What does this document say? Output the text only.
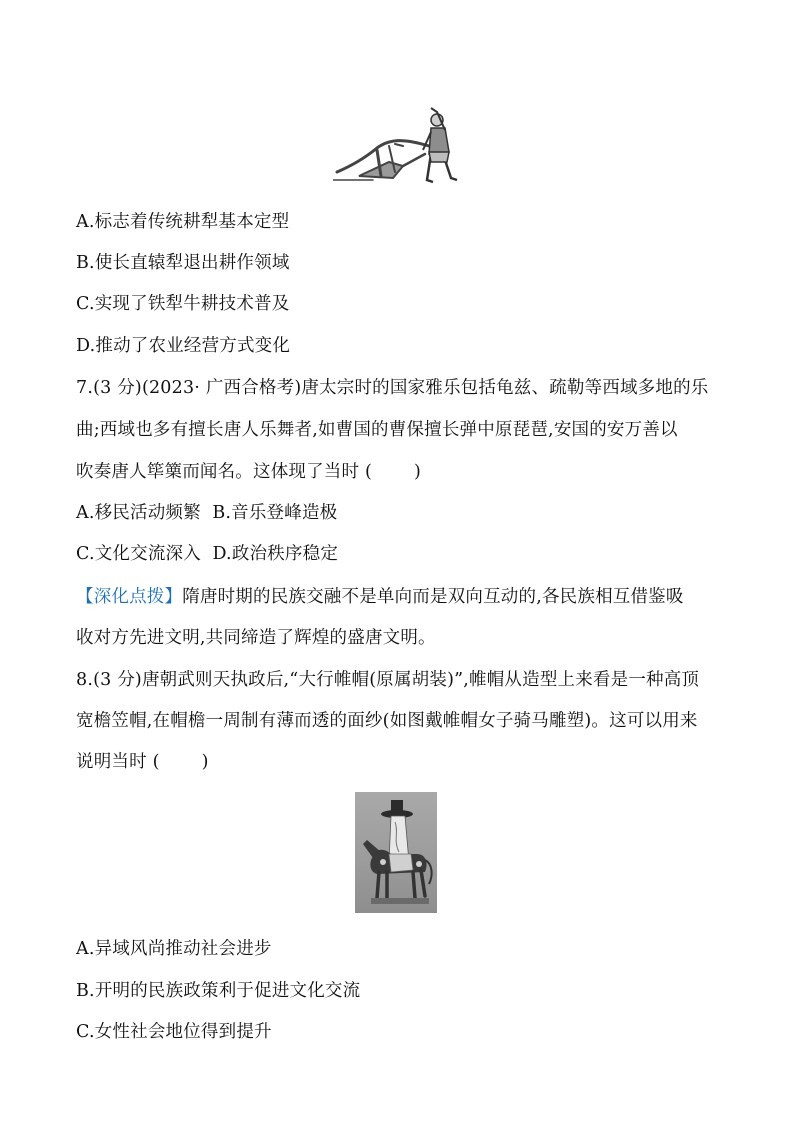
A.标志着传统耕犁基本定型
B.使长直辕犁退出耕作领域
C.实现了铁犁牛耕技术普及
D.推动了农业经营方式变化
7.(3 分)(2023· 广西合格考)唐太宗时的国家雅乐包括龟兹、疏勒等西域多地的乐
曲;西域也多有擅长唐人乐舞者,如曹国的曹保擅长弹中原琵琶,安国的安万善以
吹奏唐人筚篥而闻名。这体现了当时 ( )
A.移民活动频繁  B.音乐登峰造极
C.文化交流深入  D.政治秩序稳定
【深化点拨】隋唐时期的民族交融不是单向而是双向互动的,各民族相互借鉴吸
收对方先进文明,共同缔造了辉煌的盛唐文明。
8.(3 分)唐朝武则天执政后,“大行帷帽(原属胡装)”,帷帽从造型上来看是一种高顶
宽檐笠帽,在帽檐一周制有薄而透的面纱(如图戴帷帽女子骑马雕塑)。这可以用来
说明当时 ( )
A.异域风尚推动社会进步
B.开明的民族政策利于促进文化交流
C.女性社会地位得到提升
